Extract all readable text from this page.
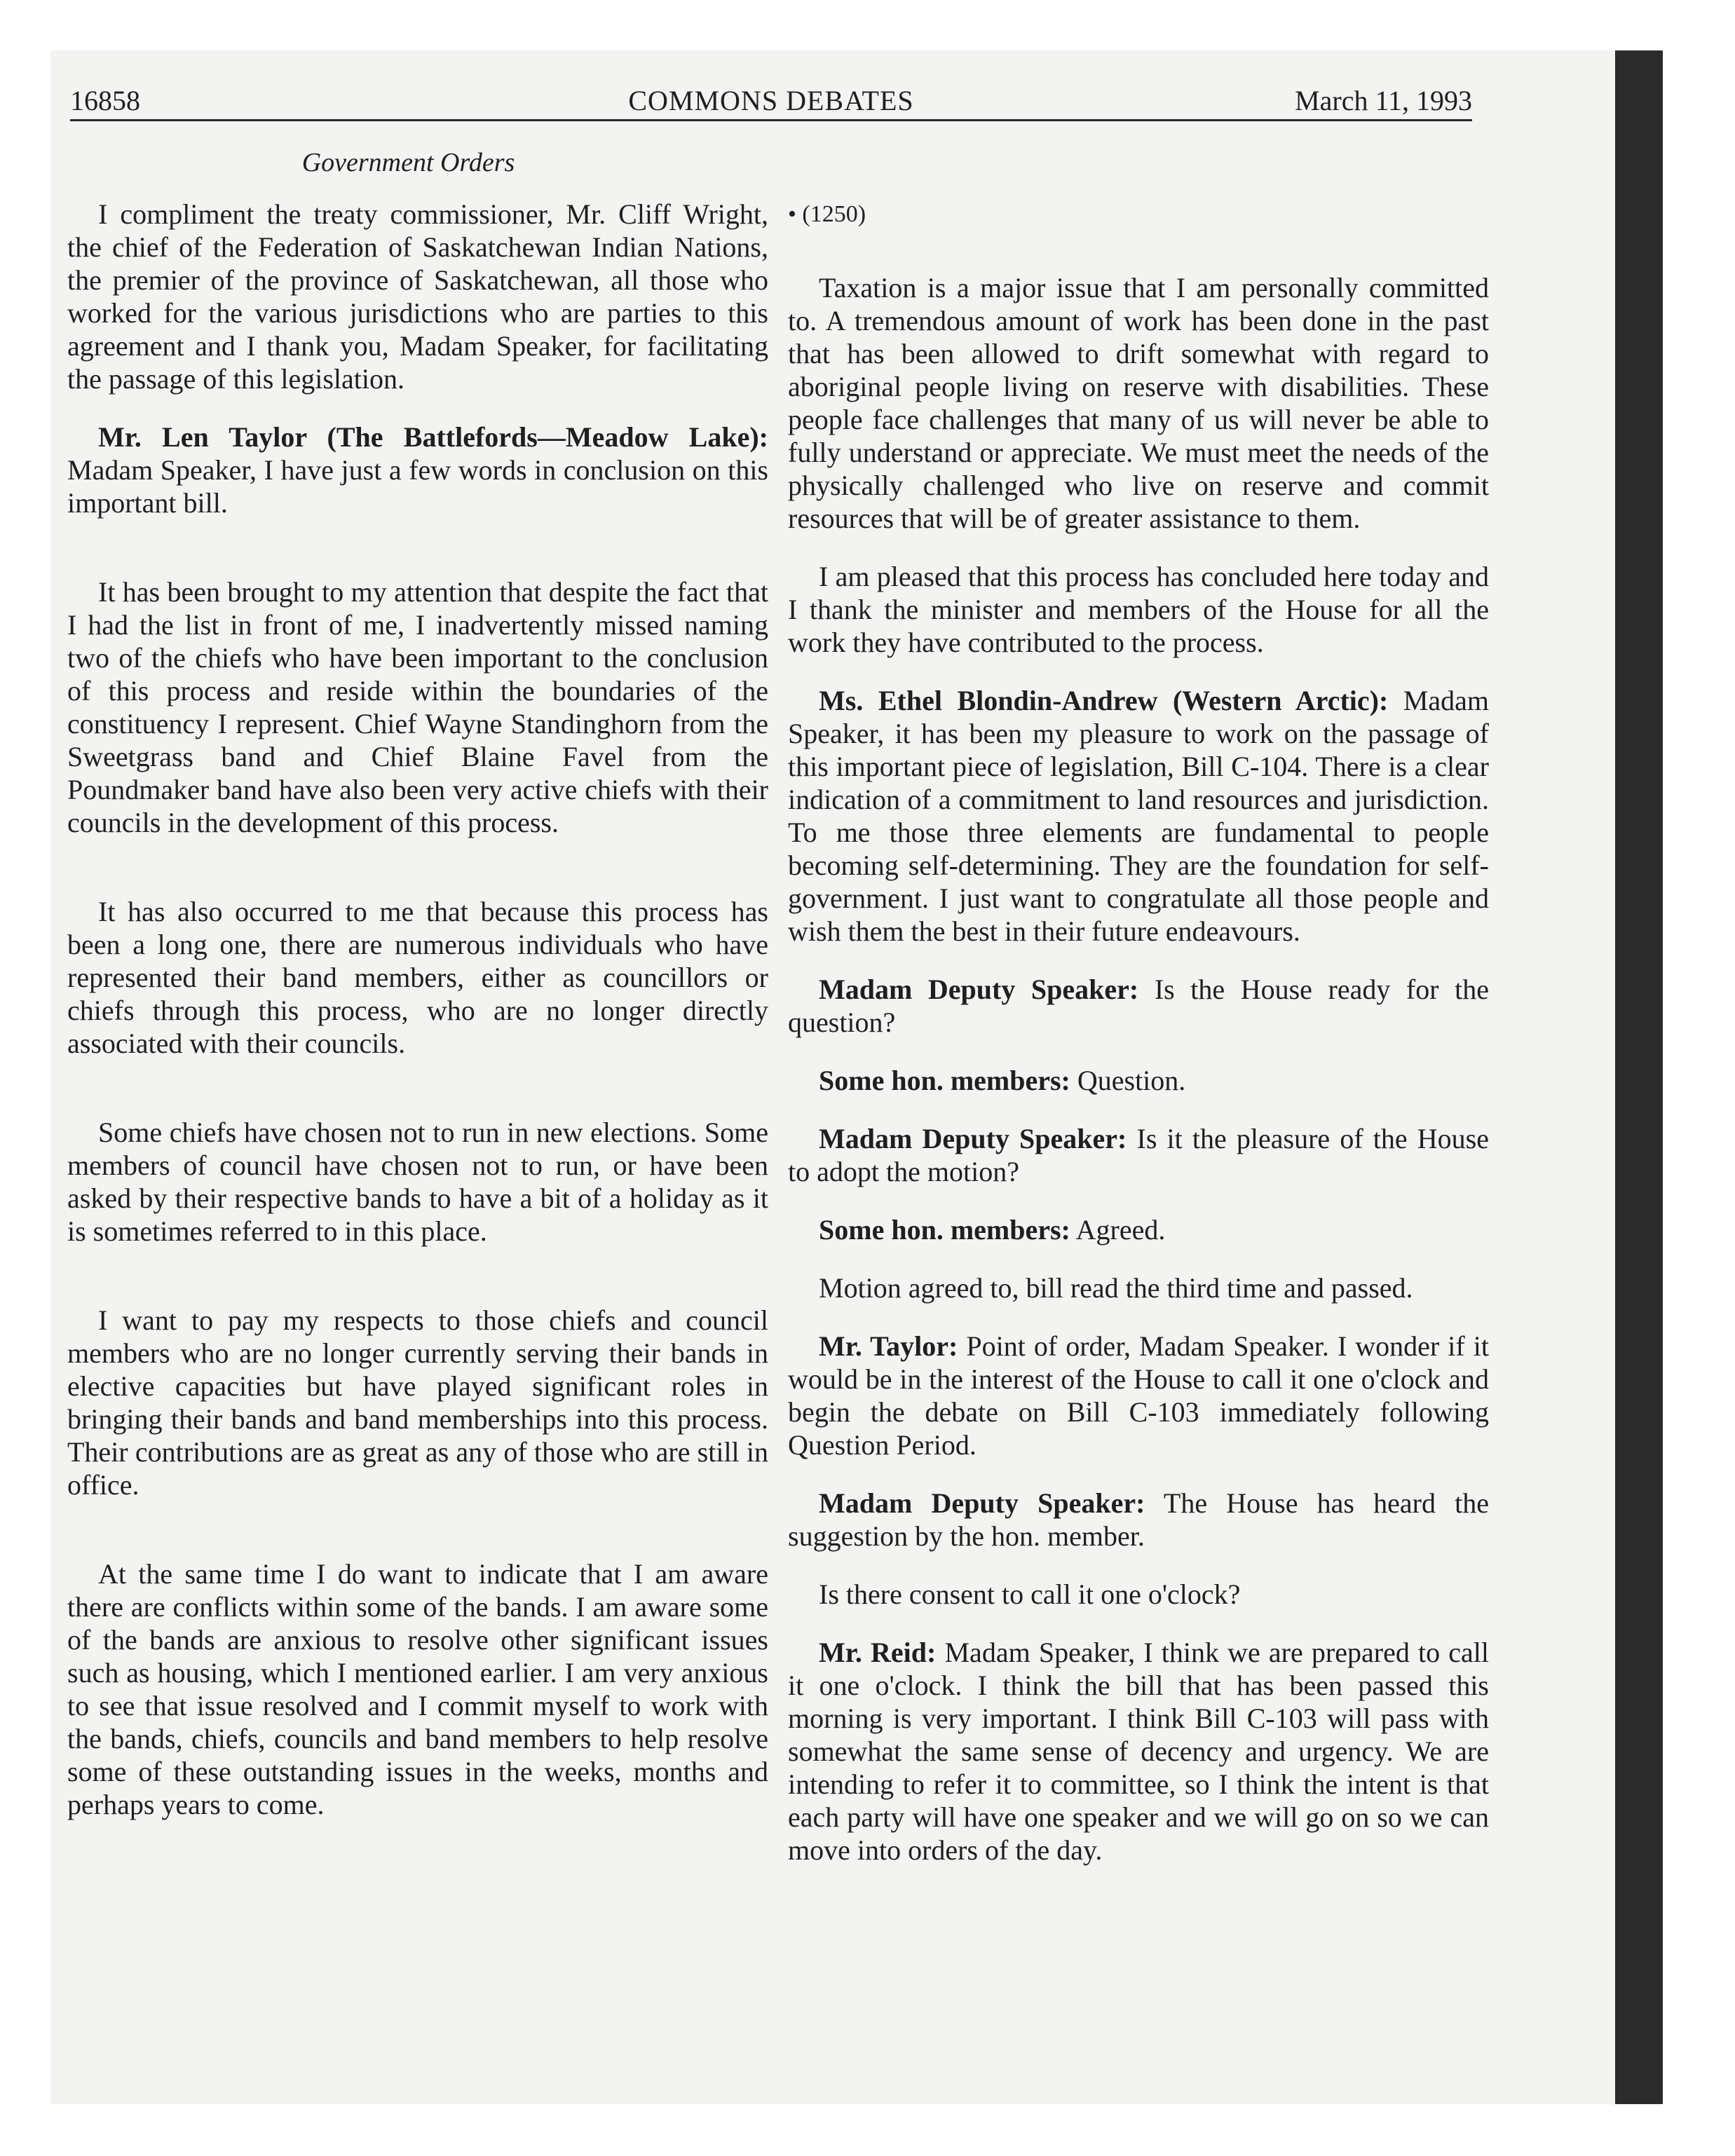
16858	COMMONS DEBATES	March 11, 1993
Government Orders

I compliment the treaty commissioner, Mr. Cliff Wright, the chief of the Federation of Saskatchewan Indian Nations, the premier of the province of Saskatchewan, all those who worked for the various jurisdictions who are parties to this agreement and I thank you, Madam Speaker, for facilitating the passage of this legislation.

Mr. Len Taylor (The Battlefords—Meadow Lake): Madam Speaker, I have just a few words in conclusion on this important bill.

It has been brought to my attention that despite the fact that I had the list in front of me, I inadvertently missed naming two of the chiefs who have been important to the conclusion of this process and reside within the boundaries of the constituency I represent. Chief Wayne Standinghorn from the Sweetgrass band and Chief Blaine Favel from the Poundmaker band have also been very active chiefs with their councils in the development of this process.

It has also occurred to me that because this process has been a long one, there are numerous individuals who have represented their band members, either as councillors or chiefs through this process, who are no longer directly associated with their councils.

Some chiefs have chosen not to run in new elections. Some members of council have chosen not to run, or have been asked by their respective bands to have a bit of a holiday as it is sometimes referred to in this place.

I want to pay my respects to those chiefs and council members who are no longer currently serving their bands in elective capacities but have played significant roles in bringing their bands and band memberships into this process. Their contributions are as great as any of those who are still in office.

At the same time I do want to indicate that I am aware there are conflicts within some of the bands. I am aware some of the bands are anxious to resolve other significant issues such as housing, which I mentioned earlier. I am very anxious to see that issue resolved and I commit myself to work with the bands, chiefs, councils and band members to help resolve some of these outstanding issues in the weeks, months and perhaps years to come.

• (1250)

Taxation is a major issue that I am personally committed to. A tremendous amount of work has been done in the past that has been allowed to drift somewhat with regard to aboriginal people living on reserve with disabilities. These people face challenges that many of us will never be able to fully understand or appreciate. We must meet the needs of the physically challenged who live on reserve and commit resources that will be of greater assistance to them.

I am pleased that this process has concluded here today and I thank the minister and members of the House for all the work they have contributed to the process.

Ms. Ethel Blondin-Andrew (Western Arctic): Madam Speaker, it has been my pleasure to work on the passage of this important piece of legislation, Bill C-104. There is a clear indication of a commitment to land resources and jurisdiction. To me those three elements are fundamental to people becoming self-determining. They are the foundation for self-government. I just want to congratulate all those people and wish them the best in their future endeavours.

Madam Deputy Speaker: Is the House ready for the question?

Some hon. members: Question.

Madam Deputy Speaker: Is it the pleasure of the House to adopt the motion?

Some hon. members: Agreed.

Motion agreed to, bill read the third time and passed.

Mr. Taylor: Point of order, Madam Speaker. I wonder if it would be in the interest of the House to call it one o'clock and begin the debate on Bill C-103 immediately following Question Period.

Madam Deputy Speaker: The House has heard the suggestion by the hon. member.

Is there consent to call it one o'clock?

Mr. Reid: Madam Speaker, I think we are prepared to call it one o'clock. I think the bill that has been passed this morning is very important. I think Bill C-103 will pass with somewhat the same sense of decency and urgency. We are intending to refer it to committee, so I think the intent is that each party will have one speaker and we will go on so we can move into orders of the day.
